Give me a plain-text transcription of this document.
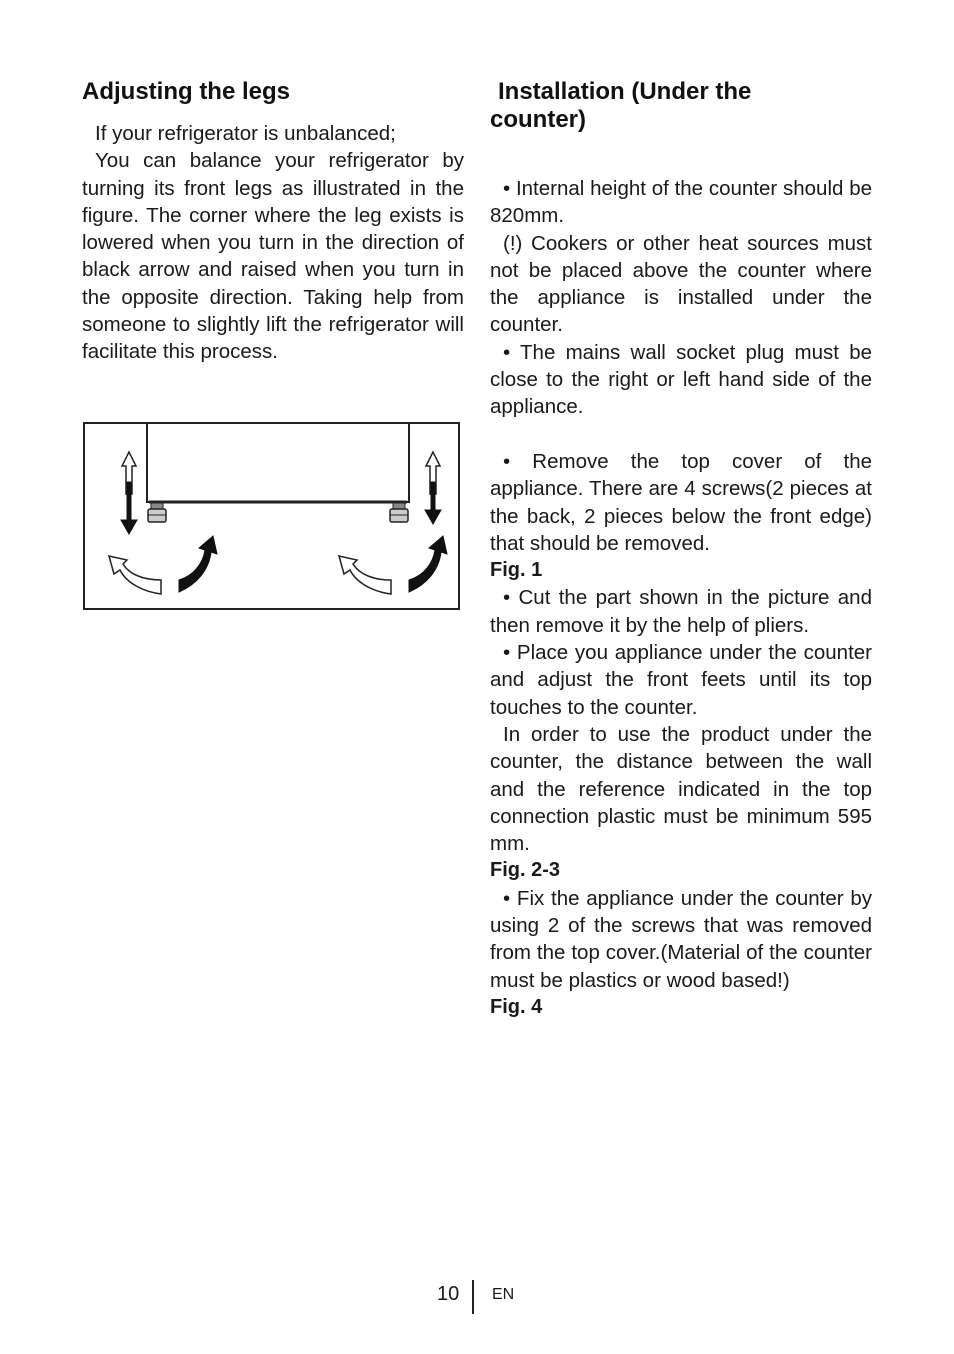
Adjusting the legs

If your refrigerator is unbalanced;

You can balance your refrigerator by turning its front legs as illustrated in the figure. The corner where the leg exists is lowered when you turn in the direction of black arrow and raised when you turn in the opposite direction. Taking help from someone to slightly lift the refrigerator will facilitate this process.

Installation (Under the
counter)

• Internal height of the counter should be 820mm.

(!) Cookers or other heat sources must not be placed above the counter where the appliance is installed under the counter.

• The mains wall socket plug must be close to the right or left hand side of the appliance.

• Remove the top cover of the appliance. There are 4 screws(2 pieces at the back, 2 pieces below the front edge) that should be removed.

Fig. 1

• Cut the part shown in the picture and then remove it by the help of pliers.

• Place you appliance under the counter and adjust the front feets until its top touches to the counter.

In order to use the product under the counter, the distance between the wall and the reference indicated in the top connection plastic must be minimum 595 mm.

Fig. 2-3

• Fix the appliance under the counter by using 2 of the screws that was removed from the top cover.(Material of the counter must be plastics or wood based!)

Fig. 4

10 EN
